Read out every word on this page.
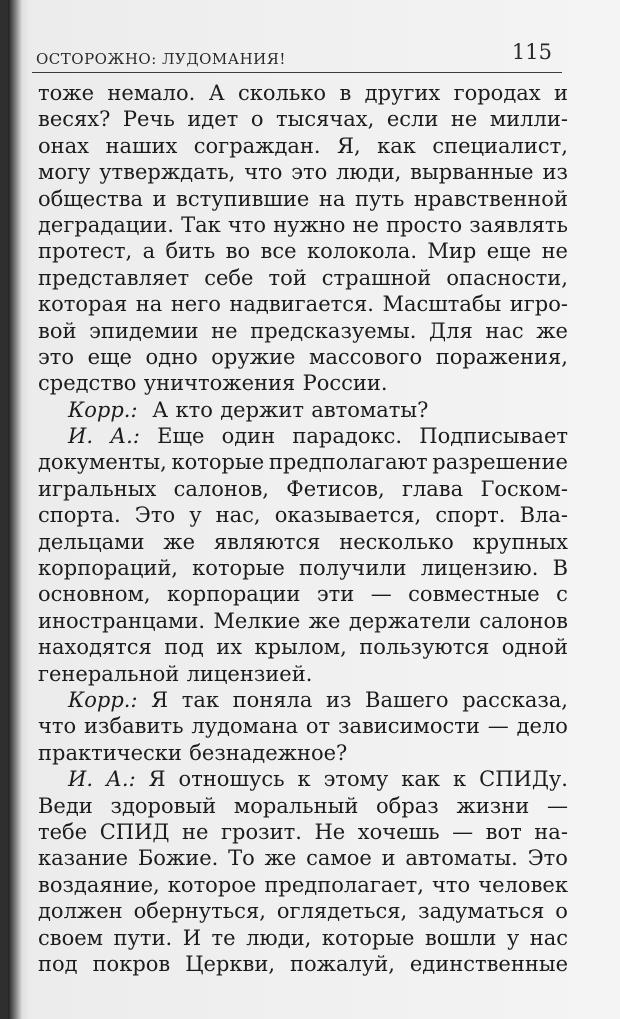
ОСТОРОЖНО: ЛУДОМАНИЯ!	115
тоже немало. А сколько в других городах и
весях? Речь идет о тысячах, если не милли-
онах наших сограждан. Я, как специалист,
могу утверждать, что это люди, вырванные из
общества и вступившие на путь нравственной
деградации. Так что нужно не просто заявлять
протест, а бить во все колокола. Мир еще не
представляет себе той страшной опасности,
которая на него надвигается. Масштабы игро-
вой эпидемии не предсказуемы. Для нас же
это еще одно оружие массового поражения,
средство уничтожения России.
Корр.: А кто держит автоматы?
И. А.: Еще один парадокс. Подписывает
документы, которые предполагают разрешение
игральных салонов, Фетисов, глава Госком-
спорта. Это у нас, оказывается, спорт. Вла-
дельцами же являются несколько крупных
корпораций, которые получили лицензию. В
основном, корпорации эти — совместные с
иностранцами. Мелкие же держатели салонов
находятся под их крылом, пользуются одной
генеральной лицензией.
Корр.: Я так поняла из Вашего рассказа,
что избавить лудомана от зависимости — дело
практически безнадежное?
И. А.: Я отношусь к этому как к СПИДу.
Веди здоровый моральный образ жизни —
тебе СПИД не грозит. Не хочешь — вот на-
казание Божие. То же самое и автоматы. Это
воздаяние, которое предполагает, что человек
должен обернуться, оглядеться, задуматься о
своем пути. И те люди, которые вошли у нас
под покров Церкви, пожалуй, единственные
